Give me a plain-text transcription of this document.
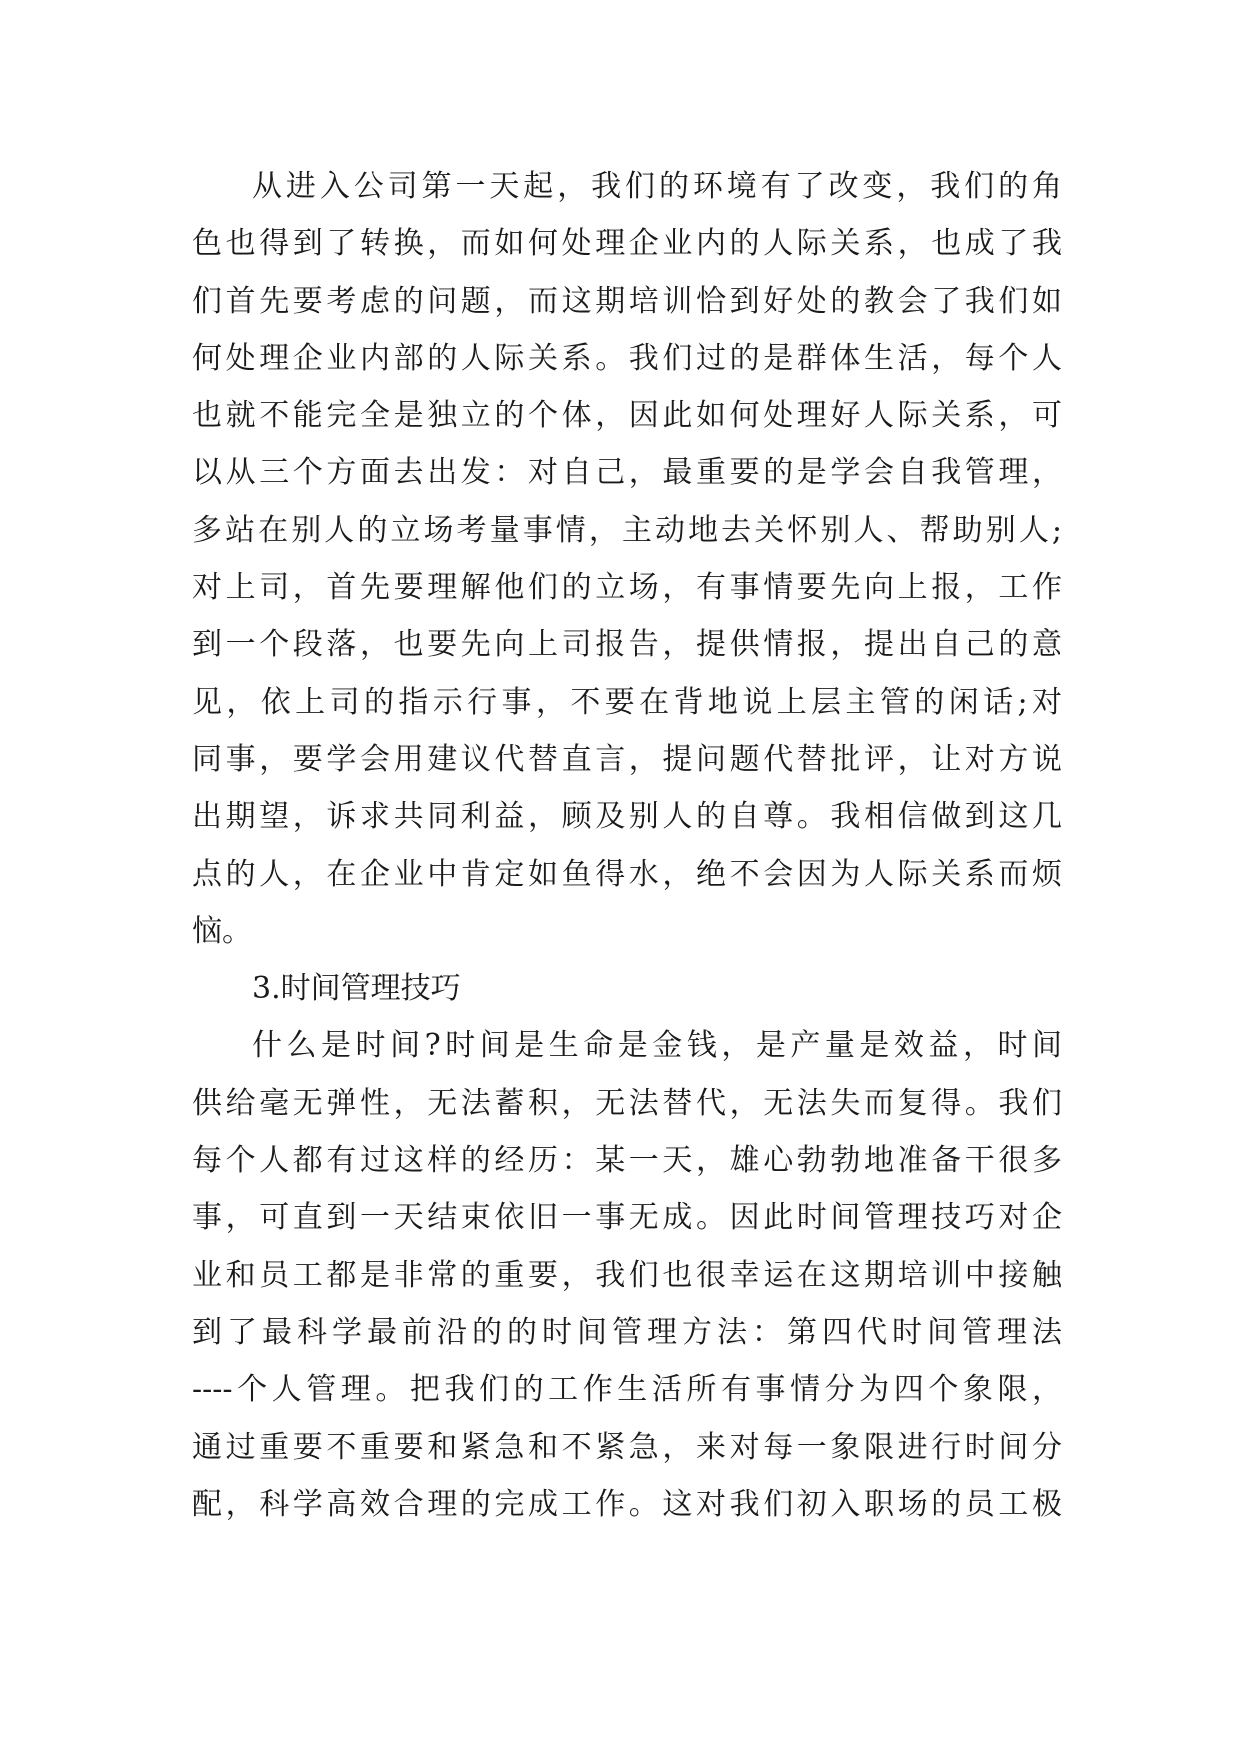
从进入公司第一天起，我们的环境有了改变，我们的角
色也得到了转换，而如何处理企业内的人际关系，也成了我
们首先要考虑的问题，而这期培训恰到好处的教会了我们如
何处理企业内部的人际关系。我们过的是群体生活，每个人
也就不能完全是独立的个体，因此如何处理好人际关系，可
以从三个方面去出发：对自己，最重要的是学会自我管理，
多站在别人的立场考量事情，主动地去关怀别人、帮助别人;
对上司，首先要理解他们的立场，有事情要先向上报，工作
到一个段落，也要先向上司报告，提供情报，提出自己的意
见，依上司的指示行事，不要在背地说上层主管的闲话;对
同事，要学会用建议代替直言，提问题代替批评，让对方说
出期望，诉求共同利益，顾及别人的自尊。我相信做到这几
点的人，在企业中肯定如鱼得水，绝不会因为人际关系而烦
恼。
3.时间管理技巧
什么是时间?时间是生命是金钱，是产量是效益，时间
供给毫无弹性，无法蓄积，无法替代，无法失而复得。我们
每个人都有过这样的经历：某一天，雄心勃勃地准备干很多
事，可直到一天结束依旧一事无成。因此时间管理技巧对企
业和员工都是非常的重要，我们也很幸运在这期培训中接触
到了最科学最前沿的的时间管理方法：第四代时间管理法
----个人管理。把我们的工作生活所有事情分为四个象限，
通过重要不重要和紧急和不紧急，来对每一象限进行时间分
配，科学高效合理的完成工作。这对我们初入职场的员工极
